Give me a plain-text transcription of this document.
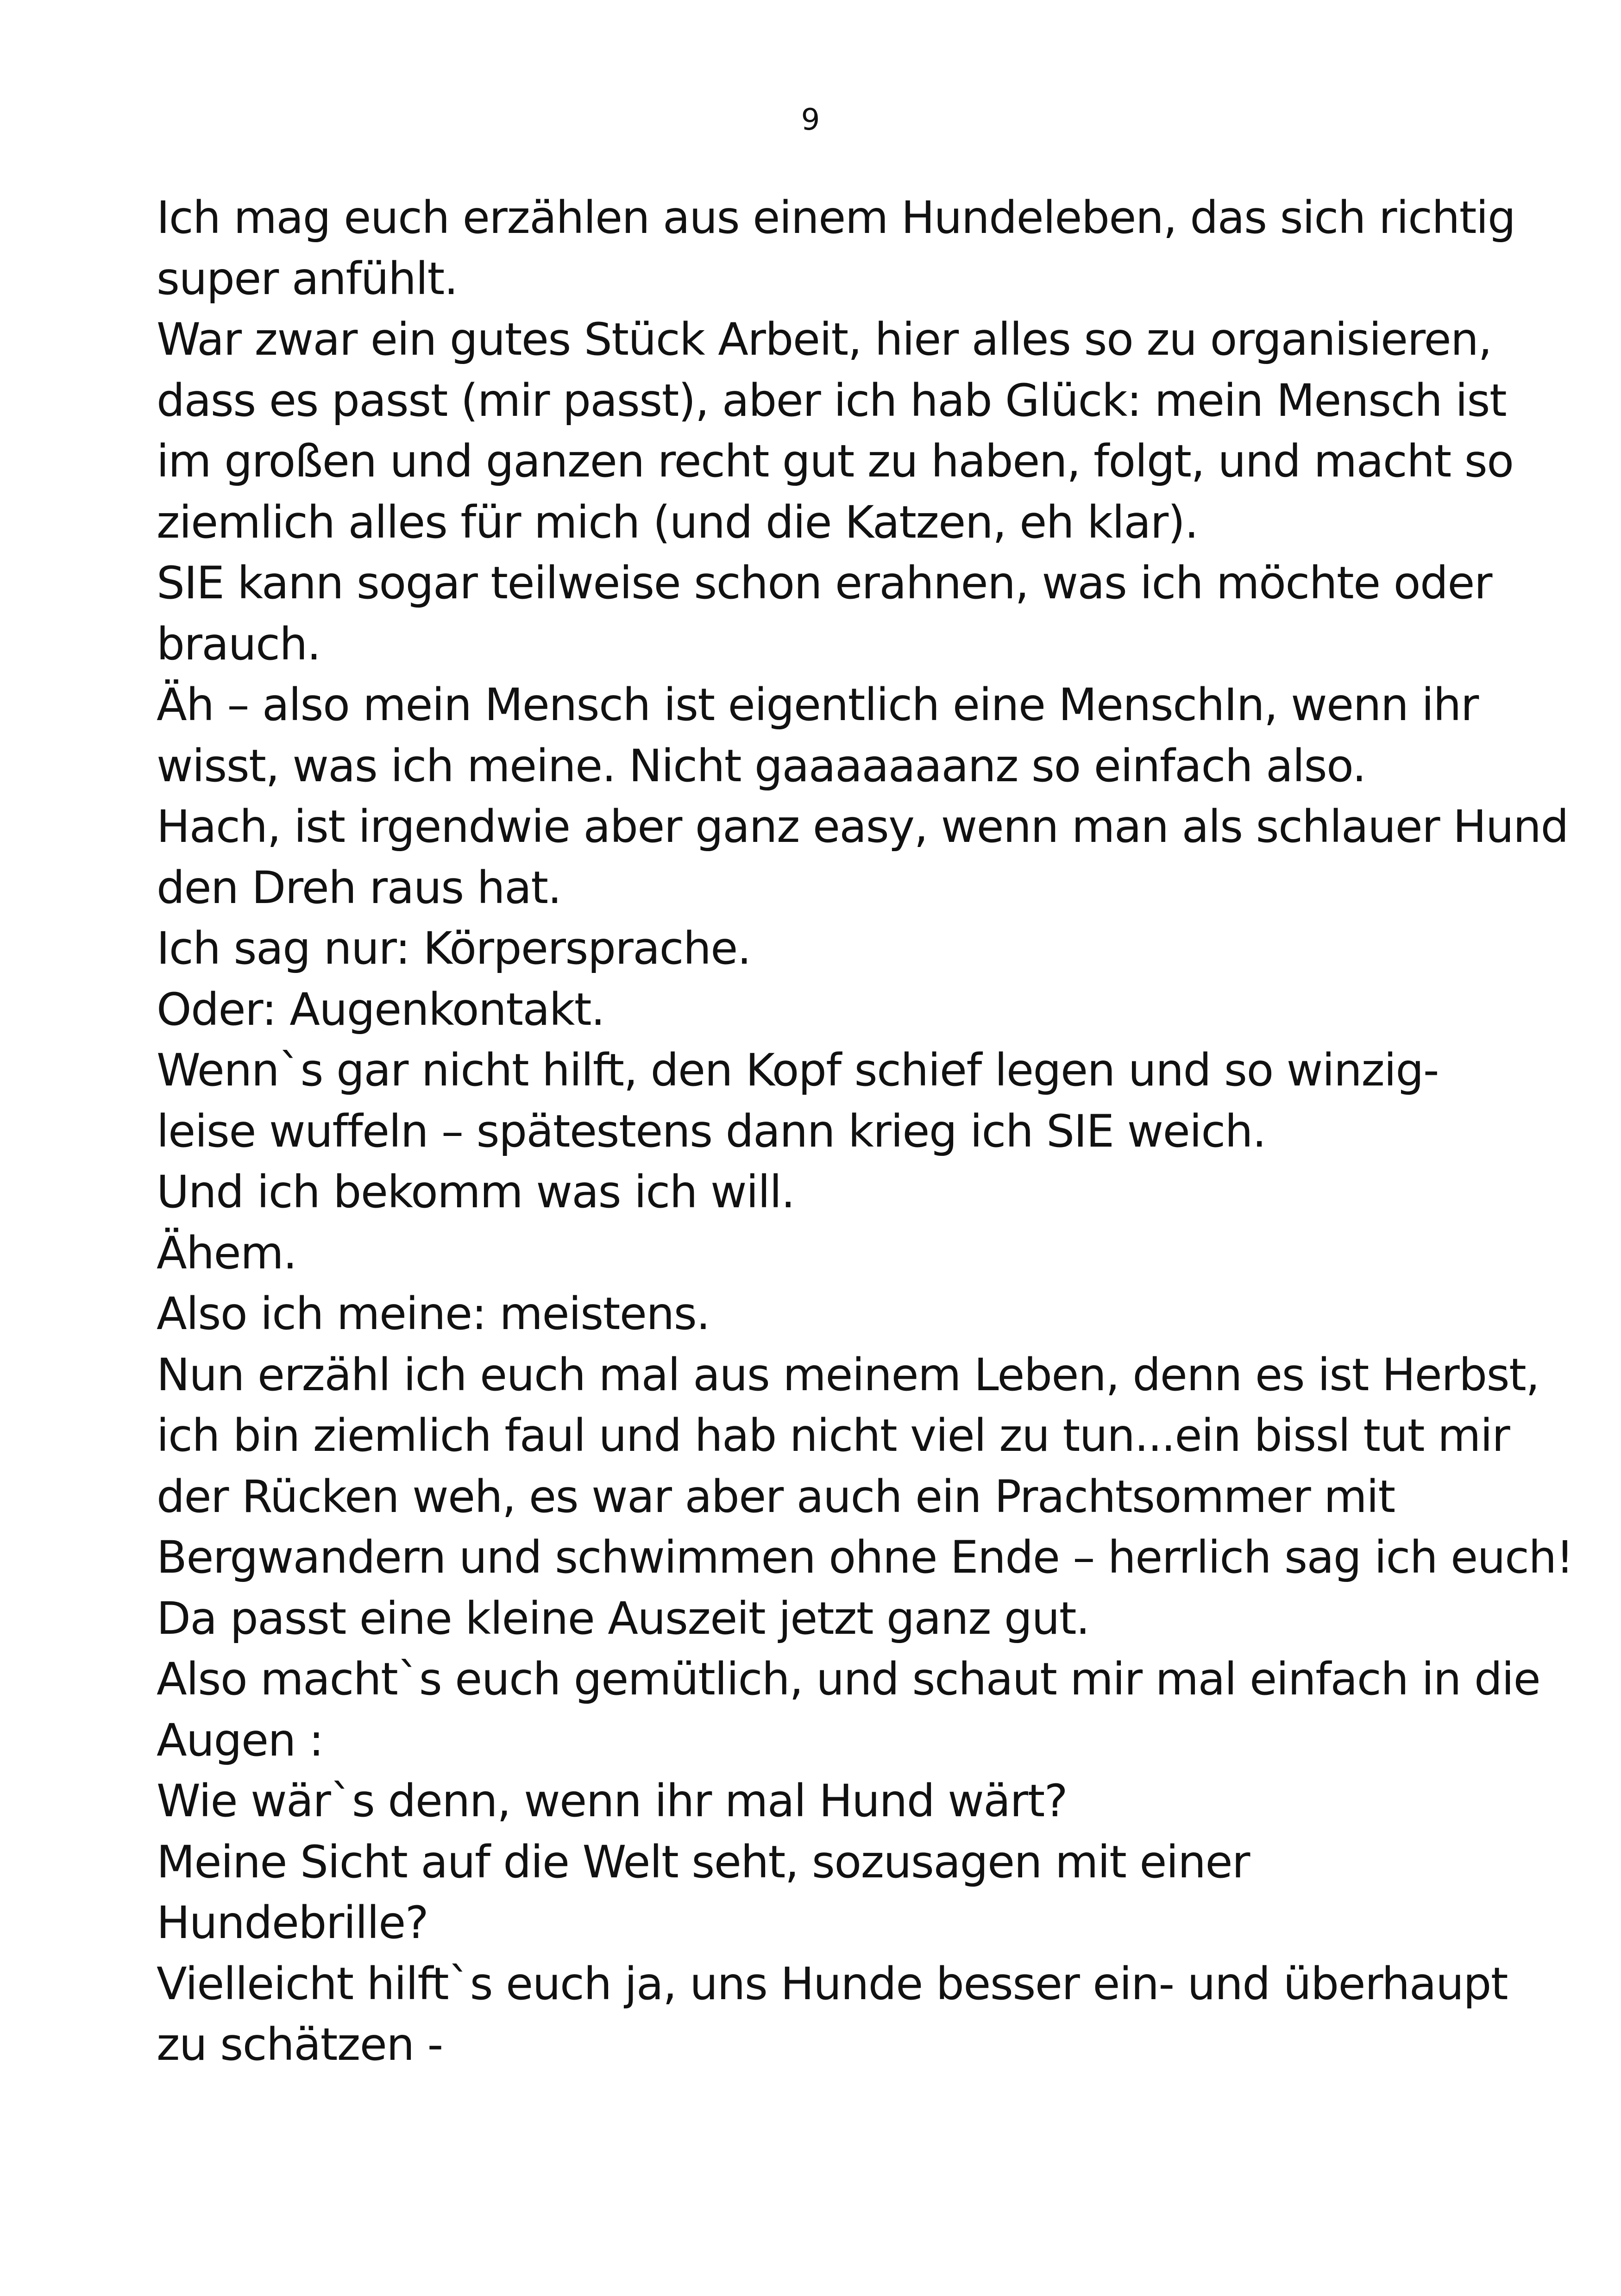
9
Ich mag euch erzählen aus einem Hundeleben, das sich richtig
super anfühlt.
War zwar ein gutes Stück Arbeit, hier alles so zu organisieren,
dass es passt (mir passt), aber ich hab Glück: mein Mensch ist
im großen und ganzen recht gut zu haben, folgt, und macht so
ziemlich alles für mich (und die Katzen, eh klar).
SIE kann sogar teilweise schon erahnen, was ich möchte oder
brauch.
Äh – also mein Mensch ist eigentlich eine MenschIn, wenn ihr
wisst, was ich meine. Nicht gaaaaaaanz so einfach also.
Hach, ist irgendwie aber ganz easy, wenn man als schlauer Hund
den Dreh raus hat.
Ich sag nur: Körpersprache.
Oder: Augenkontakt.
Wenn`s gar nicht hilft, den Kopf schief legen und so winzig-
leise wuffeln – spätestens dann krieg ich SIE weich.
Und ich bekomm was ich will.
Ähem.
Also ich meine: meistens.
Nun erzähl ich euch mal aus meinem Leben, denn es ist Herbst,
ich bin ziemlich faul und hab nicht viel zu tun...ein bissl tut mir
der Rücken weh, es war aber auch ein Prachtsommer mit
Bergwandern und schwimmen ohne Ende – herrlich sag ich euch!
Da passt eine kleine Auszeit jetzt ganz gut.
Also macht`s euch gemütlich, und schaut mir mal einfach in die
Augen :
Wie wär`s denn, wenn ihr mal Hund wärt?
Meine Sicht auf die Welt seht, sozusagen mit einer
Hundebrille?
Vielleicht hilft`s euch ja, uns Hunde besser ein- und überhaupt
zu schätzen -
